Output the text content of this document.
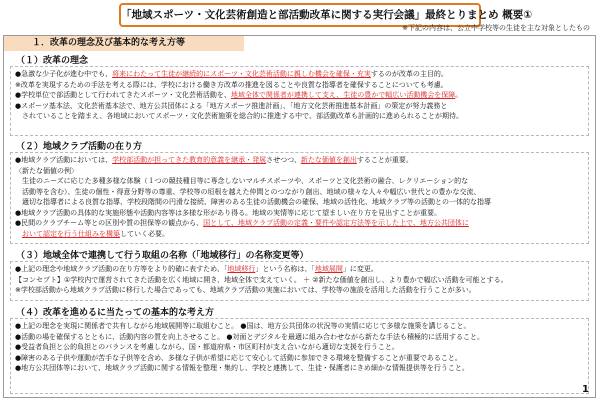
「地域スポーツ・文化芸術創造と部活動改革に関する実行会議」最終とりまとめ 概要①
※下記の内容は、公立中学校等の生徒を主な対象としたもの
１．改革の理念及び基本的な考え方等
（１）改革の理念

●急激な少子化が進む中でも、将来にわたって生徒が継続的にスポーツ・文化芸術活動に親しむ機会を確保・充実するのが改革の主目的。

※改革を実現するための手法を考える際には、学校における働き方改革の推進を図ることや良質な指導者を確保することについても考慮。

●学校単位で部活動として行われてきたスポーツ・文化芸術活動を、地域全体で関係者が連携して支え、生徒の豊かで幅広い活動機会を保障。

●スポーツ基本法、文化芸術基本法で、地方公共団体による「地方スポーツ推進計画」、「地方文化芸術推進基本計画」の策定が努力義務と

　されていることを踏まえ、各地域においてスポーツ・文化芸術施策を総合的に推進する中で、部活動改革も計画的に進められることが期待。

（２）地域クラブ活動の在り方

●地域クラブ活動においては、学校部活動が担ってきた教育的意義を継承・発展させつつ、新たな価値を創出することが重要。

〈新たな価値の例〉

　生徒のニーズに応じた多種多様な体験（１つの競技種目等に専念しないマルチスポーツや、スポーツと文化芸術の融合、レクリエーション的な

　活動等を含む）、生徒の個性・得意分野等の尊重、学校等の垣根を越えた仲間とのつながり創出、地域の様々な人々や幅広い世代との豊かな交流、

　適切な指導者による良質な指導、学校段階間の円滑な接続、障害のある生徒の活動機会の確保、地域の活性化、地域クラブ等の活動との一体的な指導

●地域クラブ活動の具体的な実施形態や活動内容等は多様な形があり得る。地域の実情等に応じて望ましい在り方を見出すことが重要。

●民間のクラブチーム等との区別や質の担保等の観点から、国として、地域クラブ活動の定義・要件や認定方法等を示した上で、地方公共団体に

　おいて認定を行う仕組みを構築していく必要。

（３）地域全体で連携して行う取組の名称（「地域移行」の名称変更等）

●上記の理念や地域クラブ活動の在り方等をより的確に表すため、「地域移行」という名称は、「地域展開」に変更。

【コンセプト】①学校内で運営されてきた活動を広く地域に開き、地域全体で支えていく。 ＋ ②新たな価値を創出し、より豊かで幅広い活動を可能とする。

※学校部活動から地域クラブ活動に移行した場合であっても、地域クラブ活動の実施においては、学校等の施設を活用した活動を行うことが多い。

（４）改革を進めるに当たっての基本的な考え方

●上記の理念を実現に関係者で共有しながら地域展開等に取組むこと。 ●国は、地方公共団体の状況等の実情に応じて多様な施策を講じること。

●活動の場を確保するとともに、活動内容の質を向上させること。 ●対面とデジタルを最適に組み合わせながら新たな手法も積極的に活用すること。

●受益者負担と公的負担とのバランスを考慮しながら、国・都道府県・市区町村が支え合いながら適切な支援を行うこと。

●障害のある子供や運動が苦手な子供等を含め、多様な子供が希望に応じて安心して活動に参加できる環境を整備することが重要であること。

●地方公共団体等において、地域クラブ活動に関する情報を整理・集約し、学校と連携して、生徒・保護者にきめ細かな情報提供等を行うこと。

1
